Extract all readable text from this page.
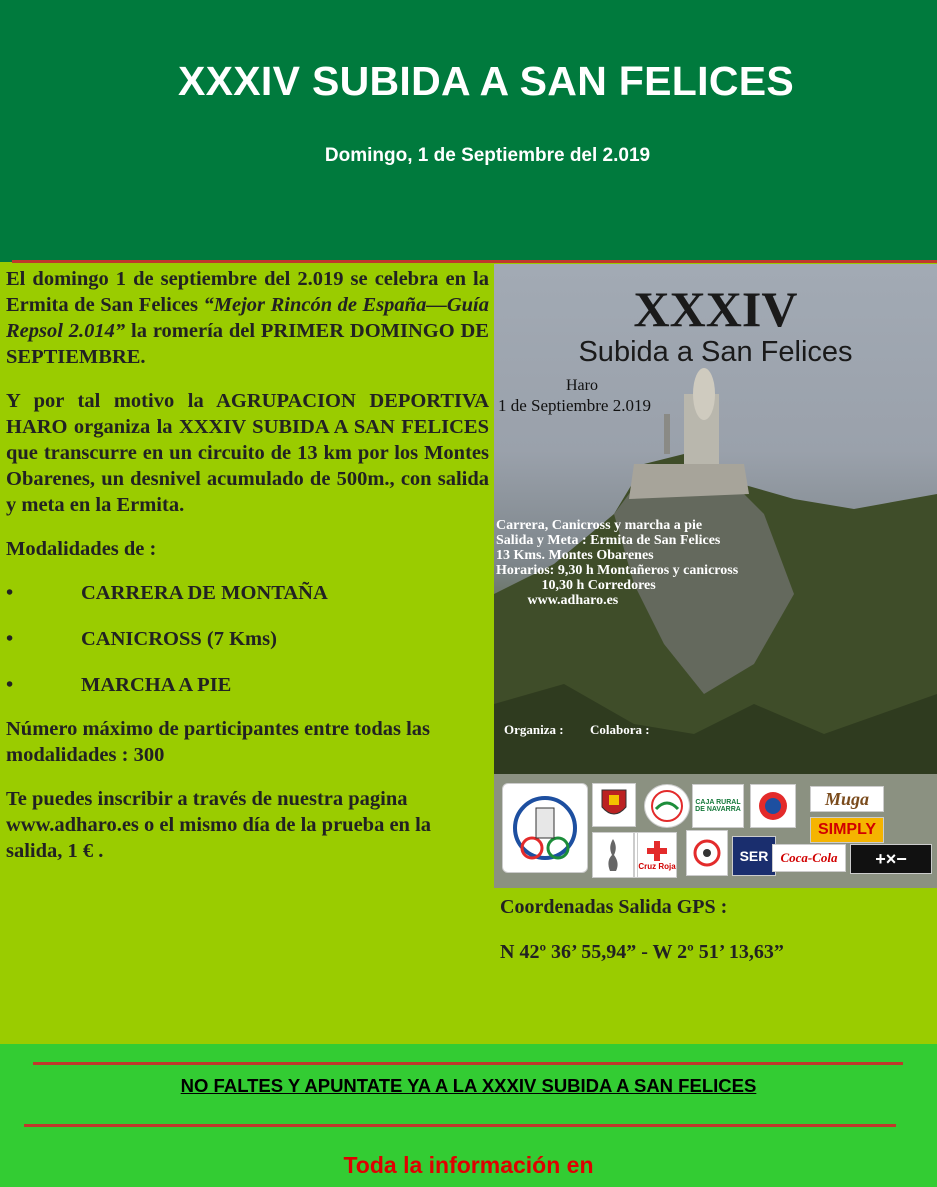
XXXIV SUBIDA A SAN FELICES
Domingo, 1 de Septiembre del 2.019

El domingo 1 de septiembre del 2.019 se celebra en la Ermita de San Felices “Mejor Rincón de España—Guía Repsol 2.014” la romería del PRIMER DOMINGO DE SEPTIEMBRE.

Y por tal motivo la AGRUPACION DEPORTIVA HARO organiza la XXXIV SUBIDA A SAN FELICES que transcurre en un circuito de 13 km por los Montes Obarenes, un desnivel acumulado de 500m., con salida y meta en la Ermita.

Modalidades de :

•	CARRERA DE MONTAÑA
•	CANICROSS (7 Kms)
•	MARCHA A PIE

Número máximo de participantes entre todas las modalidades : 300

Te puedes inscribir a través de nuestra pagina www.adharo.es o el mismo día de la prueba en la salida, 1 € .

XXXIV
Subida a San Felices
Haro
1 de Septiembre 2.019
Carrera, Canicross y marcha a pie
Salida y Meta : Ermita de San Felices
13 Kms. Montes Obarenes
Horarios: 9,30 h Montañeros y canicross
10,30 h Corredores
www.adharo.es
Organiza : Colabora :
CAJA RURAL DE NAVARRA
Muga
SIMPLY
Cruz Roja
SER Coca-Cola	+×−
Coordenadas Salida GPS :
N 42º 36’ 55,94” - W 2º 51’ 13,63”
NO FALTES Y APUNTATE YA A LA XXXIV SUBIDA A SAN FELICES
Toda la información en
